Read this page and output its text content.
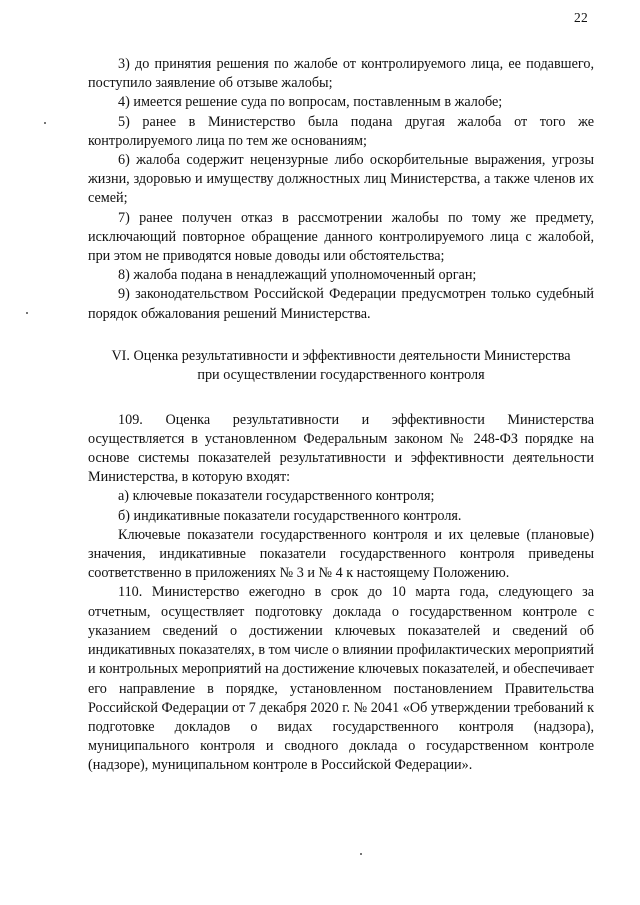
22

3) до принятия решения по жалобе от контролируемого лица, ее подавшего, поступило заявление об отзыве жалобы;

4) имеется решение суда по вопросам, поставленным в жалобе;

5) ранее в Министерство была подана другая жалоба от того же контролируемого лица по тем же основаниям;

6) жалоба содержит нецензурные либо оскорбительные выражения, угрозы жизни, здоровью и имуществу должностных лиц Министерства, а также членов их семей;

7) ранее получен отказ в рассмотрении жалобы по тому же предмету, исключающий повторное обращение данного контролируемого лица с жалобой, при этом не приводятся новые доводы или обстоятельства;

8) жалоба подана в ненадлежащий уполномоченный орган;

9) законодательством Российской Федерации предусмотрен только судебный порядок обжалования решений Министерства.

VI. Оценка результативности и эффективности деятельности Министерства
при осуществлении государственного контроля

109. Оценка результативности и эффективности Министерства осуществляется в установленном Федеральным законом № 248-ФЗ порядке на основе системы показателей результативности и эффективности деятельности Министерства, в которую входят:

а) ключевые показатели государственного контроля;

б) индикативные показатели государственного контроля.

Ключевые показатели государственного контроля и их целевые (плановые) значения, индикативные показатели государственного контроля приведены соответственно в приложениях № 3 и № 4 к настоящему Положению.

110. Министерство ежегодно в срок до 10 марта года, следующего за отчетным, осуществляет подготовку доклада о государственном контроле с указанием сведений о достижении ключевых показателей и сведений об индикативных показателях, в том числе о влиянии профилактических мероприятий и контрольных мероприятий на достижение ключевых показателей, и обеспечивает его направление в порядке, установленном постановлением Правительства Российской Федерации от 7 декабря 2020 г. № 2041 «Об утверждении требований к подготовке докладов о видах государственного контроля (надзора), муниципального контроля и сводного доклада о государственном контроле (надзоре), муниципальном контроле в Российской Федерации».
